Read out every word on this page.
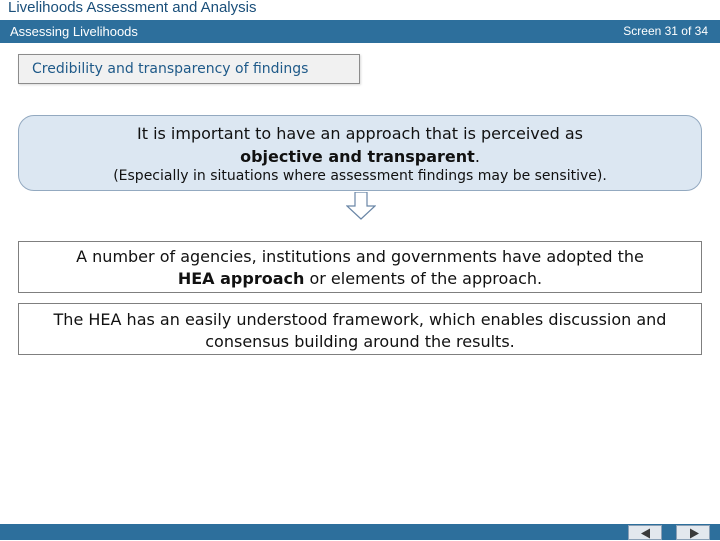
Livelihoods Assessment and Analysis
Assessing Livelihoods	Screen 31 of 34
Credibility and transparency of findings
It is important to have an approach that is perceived as
objective and transparent.
(Especially in situations where assessment findings may be sensitive).
A number of agencies, institutions and governments have adopted the
HEA approach or elements of the approach.
The HEA has an easily understood framework, which enables discussion and consensus building around the results.
